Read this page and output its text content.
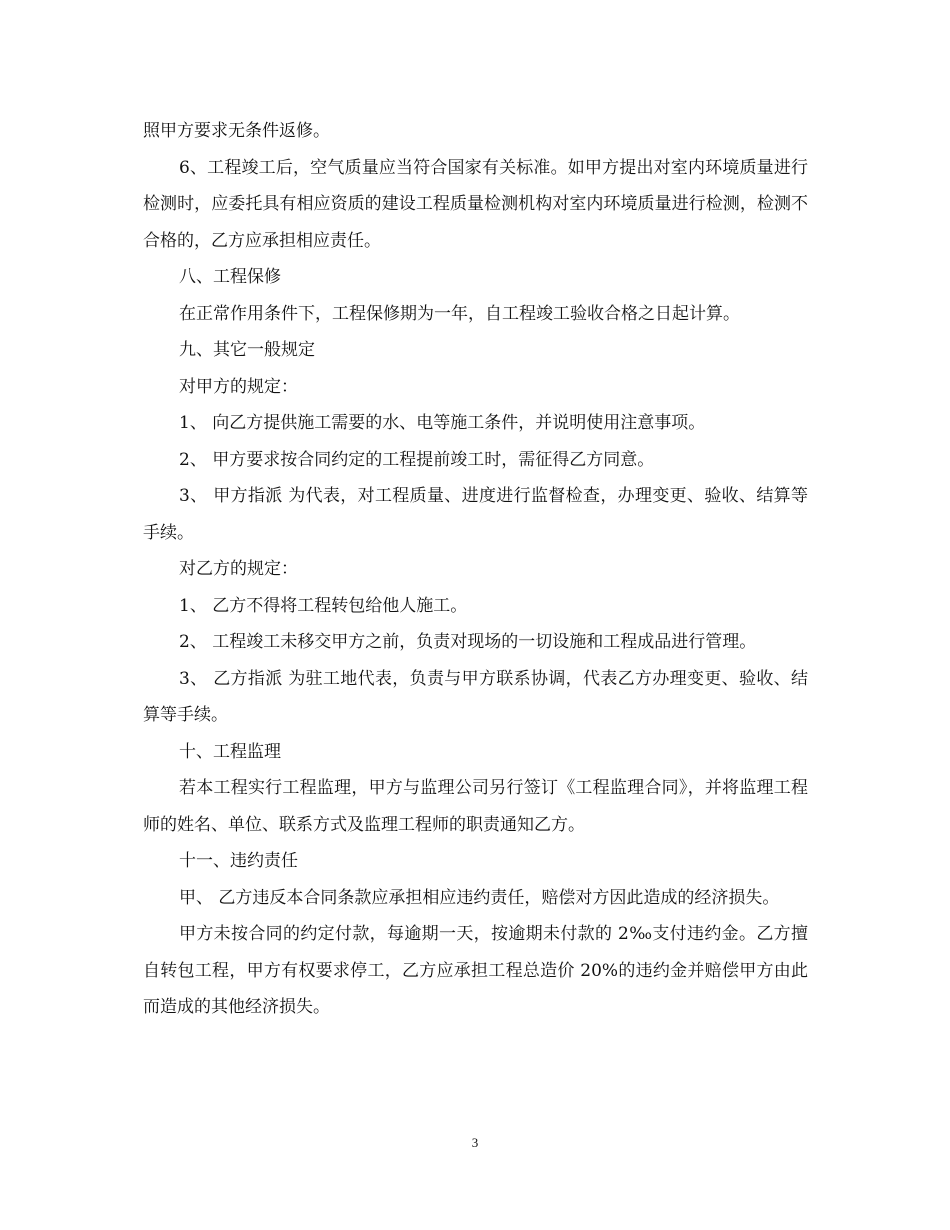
照甲方要求无条件返修。

6、工程竣工后，空气质量应当符合国家有关标准。如甲方提出对室内环境质量进行检测时，应委托具有相应资质的建设工程质量检测机构对室内环境质量进行检测，检测不合格的，乙方应承担相应责任。

八、工程保修

在正常作用条件下，工程保修期为一年，自工程竣工验收合格之日起计算。

九、其它一般规定

对甲方的规定：

1、 向乙方提供施工需要的水、电等施工条件，并说明使用注意事项。

2、 甲方要求按合同约定的工程提前竣工时，需征得乙方同意。

3、 甲方指派 为代表，对工程质量、进度进行监督检查，办理变更、验收、结算等手续。

对乙方的规定：

1、 乙方不得将工程转包给他人施工。

2、 工程竣工未移交甲方之前，负责对现场的一切设施和工程成品进行管理。

3、 乙方指派 为驻工地代表，负责与甲方联系协调，代表乙方办理变更、验收、结算等手续。

十、工程监理

若本工程实行工程监理，甲方与监理公司另行签订《工程监理合同》，并将监理工程师的姓名、单位、联系方式及监理工程师的职责通知乙方。

十一、违约责任

甲、 乙方违反本合同条款应承担相应违约责任，赔偿对方因此造成的经济损失。

甲方未按合同的约定付款，每逾期一天，按逾期未付款的 2‰支付违约金。乙方擅自转包工程，甲方有权要求停工，乙方应承担工程总造价 20%的违约金并赔偿甲方由此而造成的其他经济损失。

3
